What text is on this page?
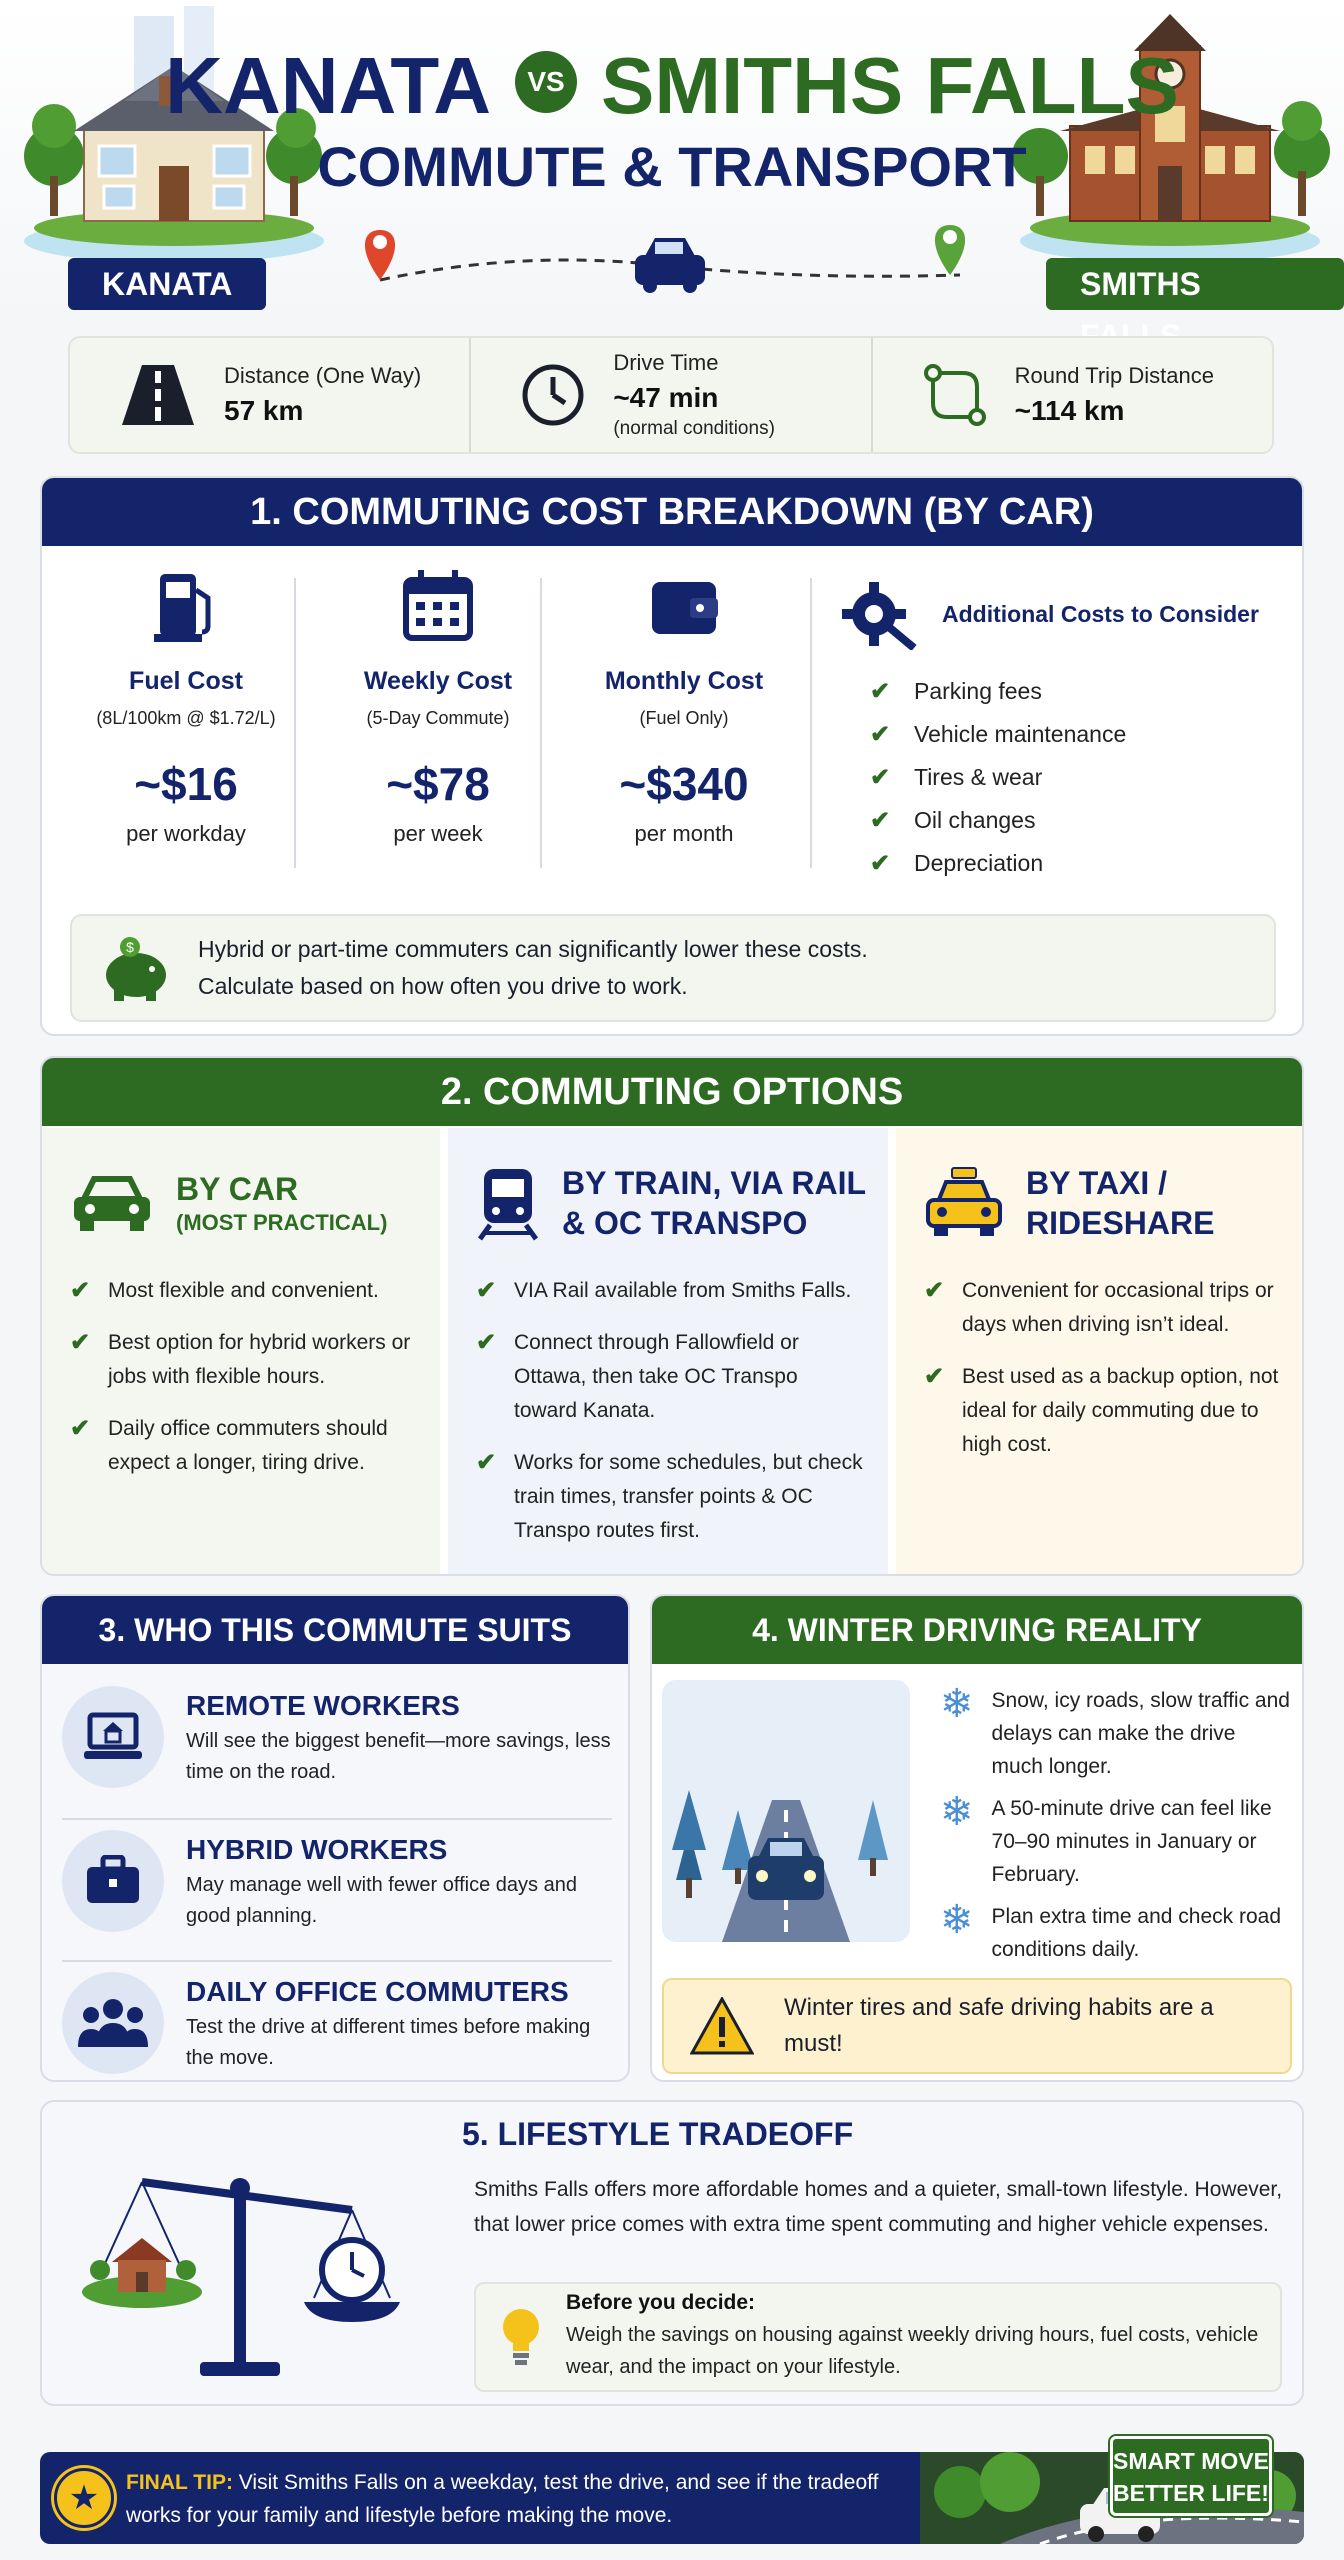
KANATA VS SMITHS FALLS
COMMUTE & TRANSPORT
KANATA	SMITHS
Distance (One Way)
57 km
Drive Time
~47 min
(normal conditions)
Round Trip Distance
~114 km
1. COMMUTING COST BREAKDOWN (BY CAR)
Fuel Cost
(8L/100km @ $1.72/L)
~$16
per workday
Weekly Cost
(5-Day Commute)
~$78
per week
Monthly Cost
(Fuel Only)
~$340
per month
Additional Costs to Consider
✔ Parking fees
✔ Vehicle maintenance
✔ Tires & wear
✔ Oil changes
✔ Depreciation
$	Hybrid or part-time commuters can significantly lower these costs.
Calculate based on how often you drive to work.

2. COMMUTING OPTIONS
BY CAR
(MOST PRACTICAL)
✔ Most flexible and convenient.
✔ Best option for hybrid workers or jobs with flexible hours.
✔ Daily office commuters should expect a longer, tiring drive.
BY TRAIN, VIA RAIL
& OC TRANSPO
✔ VIA Rail available from Smiths Falls.
✔ Connect through Fallowfield or Ottawa, then take OC Transpo toward Kanata.
✔ Works for some schedules, but check train times, transfer points & OC Transpo routes first.
BY TAXI /
RIDESHARE
✔ Convenient for occasional trips or days when driving isn’t ideal.
✔ Best used as a backup option, not ideal for daily commuting due to high cost.
3. WHO THIS COMMUTE SUITS
REMOTE WORKERS
Will see the biggest benefit—more savings, less time on the road.
HYBRID WORKERS
May manage well with fewer office days and good planning.
DAILY OFFICE COMMUTERS
Test the drive at different times before making the move.
4. WINTER DRIVING REALITY
❄ Snow, icy roads, slow traffic and delays can make the drive much longer.

❄ A 50-minute drive can feel like 70–90 minutes in January or February.

❄ Plan extra time and check road conditions daily.

Winter tires and safe driving habits are a must!

5. LIFESTYLE TRADEOFF
Smiths Falls offers more affordable homes and a quieter, small-town lifestyle. However, that lower price comes with extra time spent commuting and higher vehicle expenses.
Before you decide:
Weigh the savings on housing against weekly driving hours, fuel costs, vehicle wear, and the impact on your lifestyle.
★	FINAL TIP: Visit Smiths Falls on a weekday, test the drive, and see if the tradeoff works for your family and lifestyle before making the move.
SMART MOVE
BETTER LIFE!
